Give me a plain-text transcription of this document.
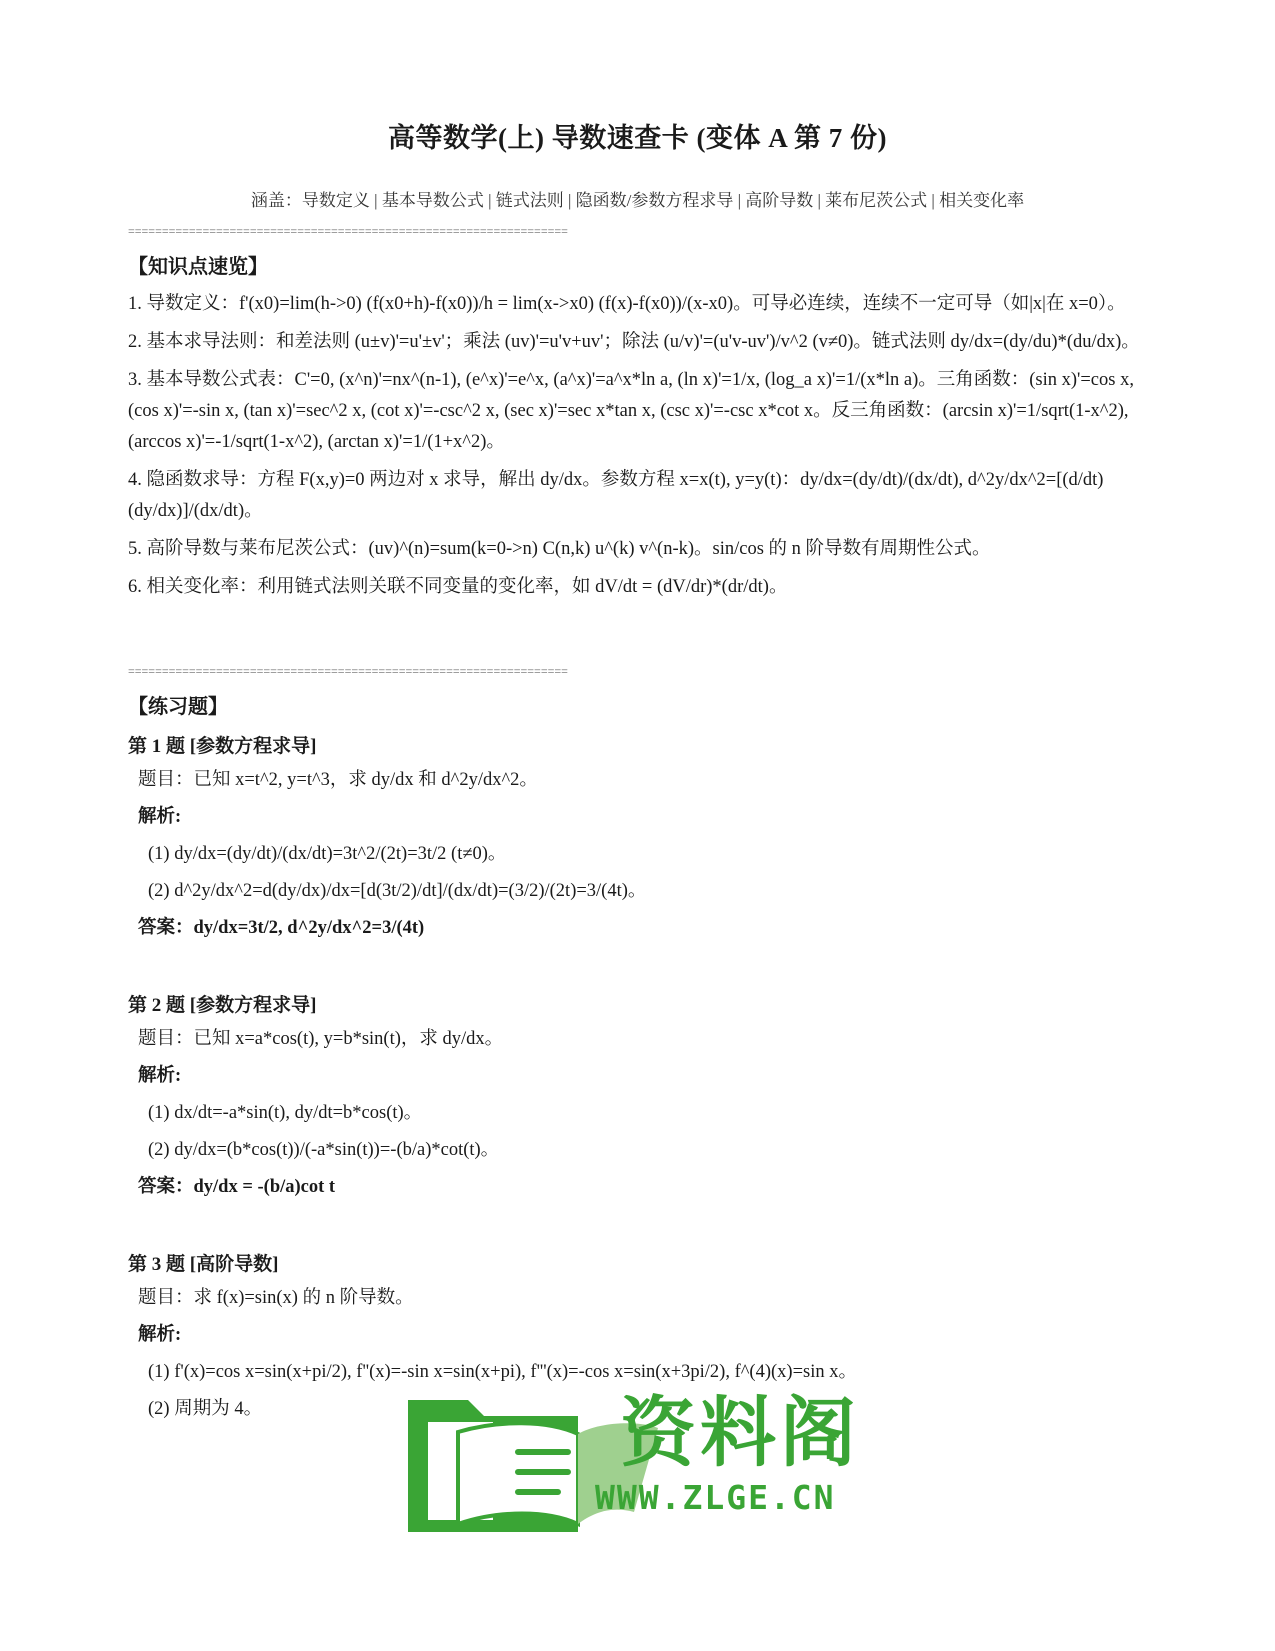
高等数学(上) 导数速查卡 (变体 A 第 7 份)
涵盖：导数定义 | 基本导数公式 | 链式法则 | 隐函数/参数方程求导 | 高阶导数 | 莱布尼茨公式 | 相关变化率
=================================================================

【知识点速览】

1. 导数定义：f'(x0)=lim(h->0) (f(x0+h)-f(x0))/h = lim(x->x0) (f(x)-f(x0))/(x-x0)。可导必连续，连续不一定可导（如|x|在 x=0）。

2. 基本求导法则：和差法则 (u±v)'=u'±v'；乘法 (uv)'=u'v+uv'；除法 (u/v)'=(u'v-uv')/v^2 (v≠0)。链式法则 dy/dx=(dy/du)*(du/dx)。

3. 基本导数公式表：C'=0, (x^n)'=nx^(n-1), (e^x)'=e^x, (a^x)'=a^x*ln a, (ln x)'=1/x, (log_a x)'=1/(x*ln a)。三角函数：(sin x)'=cos x, (cos x)'=-sin x, (tan x)'=sec^2 x, (cot x)'=-csc^2 x, (sec x)'=sec x*tan x, (csc x)'=-csc x*cot x。反三角函数：(arcsin x)'=1/sqrt(1-x^2), (arccos x)'=-1/sqrt(1-x^2), (arctan x)'=1/(1+x^2)。

4. 隐函数求导：方程 F(x,y)=0 两边对 x 求导，解出 dy/dx。参数方程 x=x(t), y=y(t)：dy/dx=(dy/dt)/(dx/dt), d^2y/dx^2=[(d/dt)(dy/dx)]/(dx/dt)。

5. 高阶导数与莱布尼茨公式：(uv)^(n)=sum(k=0->n) C(n,k) u^(k) v^(n-k)。sin/cos 的 n 阶导数有周期性公式。

6. 相关变化率：利用链式法则关联不同变量的变化率，如 dV/dt = (dV/dr)*(dr/dt)。

=================================================================

【练习题】

第 1 题 [参数方程求导]

题目：已知 x=t^2, y=t^3，求 dy/dx 和 d^2y/dx^2。

解析:

(1) dy/dx=(dy/dt)/(dx/dt)=3t^2/(2t)=3t/2 (t≠0)。

(2) d^2y/dx^2=d(dy/dx)/dx=[d(3t/2)/dt]/(dx/dt)=(3/2)/(2t)=3/(4t)。

答案：dy/dx=3t/2, d^2y/dx^2=3/(4t)

第 2 题 [参数方程求导]

题目：已知 x=a*cos(t), y=b*sin(t)，求 dy/dx。

解析:

(1) dx/dt=-a*sin(t), dy/dt=b*cos(t)。

(2) dy/dx=(b*cos(t))/(-a*sin(t))=-(b/a)*cot(t)。

答案：dy/dx = -(b/a)cot t

第 3 题 [高阶导数]

题目：求 f(x)=sin(x) 的 n 阶导数。

解析:

(1) f'(x)=cos x=sin(x+pi/2), f''(x)=-sin x=sin(x+pi), f'''(x)=-cos x=sin(x+3pi/2), f^(4)(x)=sin x。

(2) 周期为 4。	资料阁
WWW.ZLGE.CN
